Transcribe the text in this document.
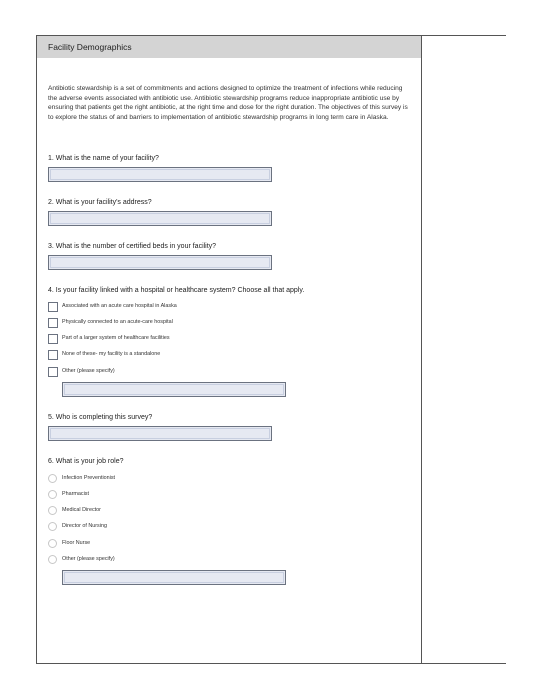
Facility Demographics
Antibiotic stewardship is a set of commitments and actions designed to optimize the treatment of infections while reducing the adverse events associated with antibiotic use. Antibiotic stewardship programs reduce inappropriate antibiotic use by ensuring that patients get the right antibiotic, at the right time and dose for the right duration. The objectives of this survey is to explore the status of and barriers to implementation of antibiotic stewardship programs in long term care in Alaska.
1. What is the name of your facility?
2. What is your facility's address?
3. What is the number of certified beds in your facility?
4. Is your facility linked with a hospital or healthcare system? Choose all that apply.
Associated with an acute care hospital in Alaska
Physically connected to an acute-care hospital
Part of a larger system of healthcare facilities
None of these- my facility is a standalone
Other (please specify)
5. Who is completing this survey?
6. What is your job role?
Infection Preventionist
Pharmacist
Medical Director
Director of Nursing
Floor Nurse
Other (please specify)
